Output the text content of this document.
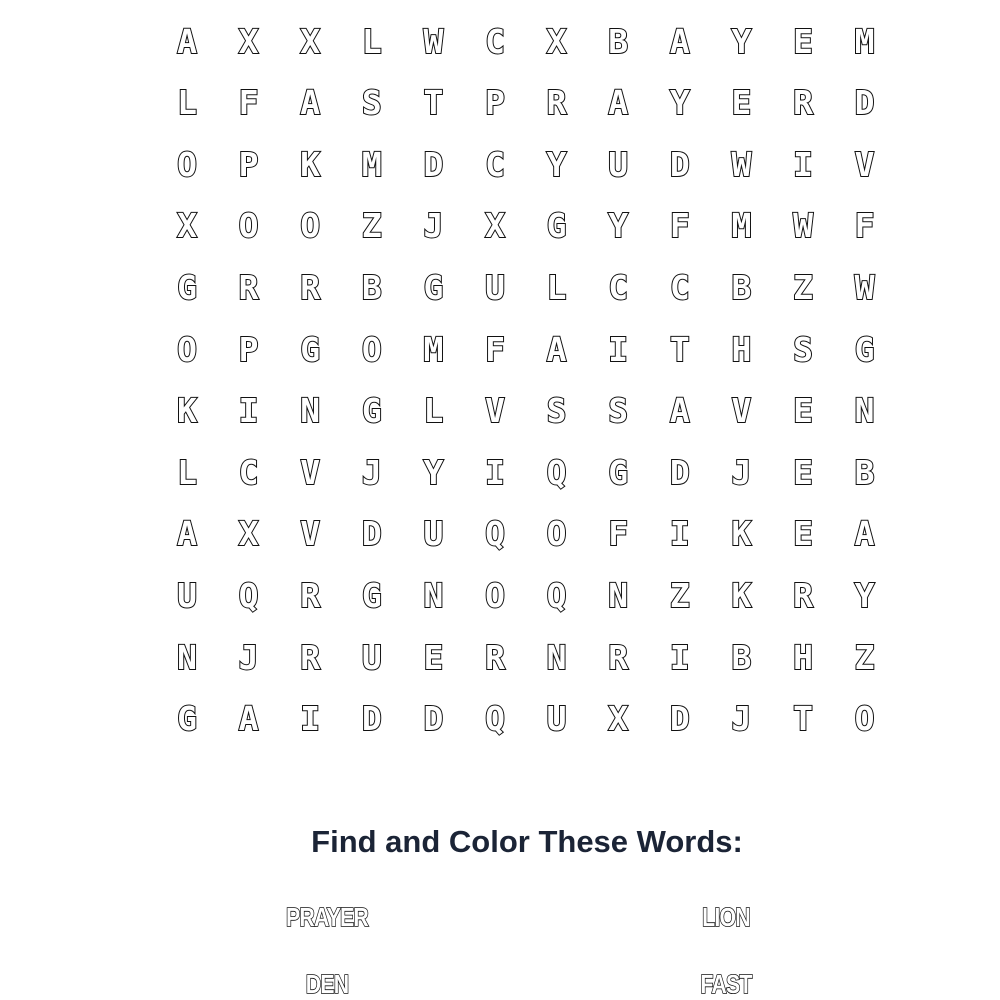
A	X	X	L	W	C	X	B	A	Y	E	M
L	F	A	S	T	P	R	A	Y	E	R	D
O	P	K	M	D	C	Y	U	D	W	I	V
X	O	O	Z	J	X	G	Y	F	M	W	F
G	R	R	B	G	U	L	C	C	B	Z	W
O	P	G	O	M	F	A	I	T	H	S	G
K	I	N	G	L	V	S	S	A	V	E	N
L	C	V	J	Y	I	Q	G	D	J	E	B
A	X	V	D	U	Q	O	F	I	K	E	A
U	Q	R	G	N	O	Q	N	Z	K	R	Y
N	J	R	U	E	R	N	R	I	B	H	Z
G	A	I	D	D	Q	U	X	D	J	T	O
Find and Color These Words:
PRAYER	LION
DEN	FAST
